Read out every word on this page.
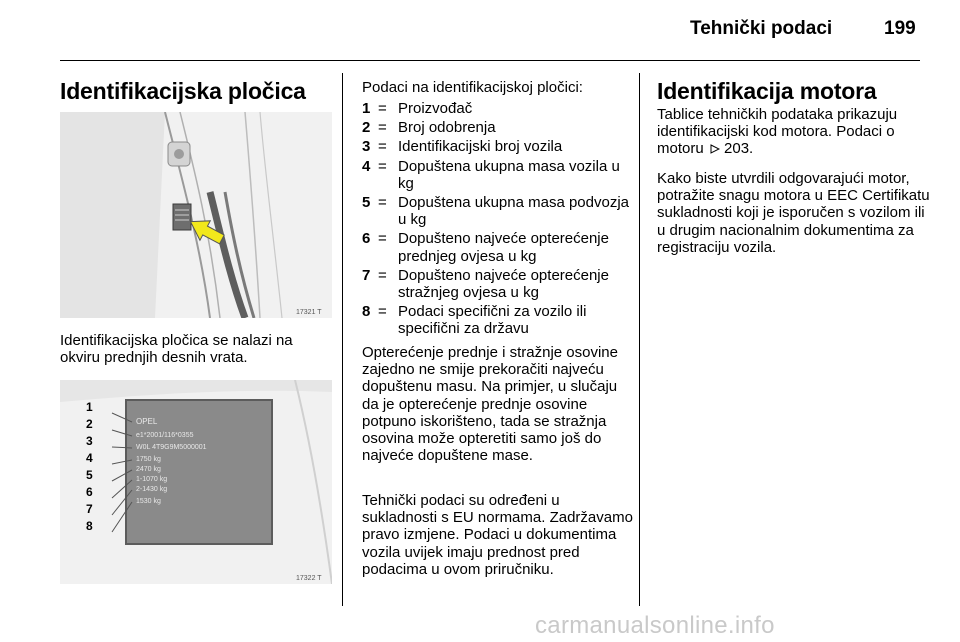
Tehnički podaci	199
Identifikacijska pločica
17321 T
Identifikacijska pločica se nalazi na okviru prednjih desnih vrata.
1
2
3
4
5
6
7
8
OPEL
e1*2001/116*0355
W0L 4T9G9M5000001
1750 kg
2470 kg
1-1070 kg
2-1430 kg
1530 kg
17322 T
Podaci na identifikacijskoj pločici:
1 = Proizvođač
2 = Broj odobrenja
3 = Identifikacijski broj vozila
4 = Dopuštena ukupna masa vozila u kg
5 = Dopuštena ukupna masa podvozja u kg
6 = Dopušteno najveće opterećenje prednjeg ovjesa u kg
7 = Dopušteno najveće opterećenje stražnjeg ovjesa u kg
8 = Podaci specifični za vozilo ili specifični za državu
Opterećenje prednje i stražnje osovine zajedno ne smije prekoračiti najveću dopuštenu masu. Na primjer, u slučaju da je opterećenje prednje osovine potpuno iskorišteno, tada se stražnja osovina može opteretiti samo još do najveće dopuštene mase.
Tehnički podaci su određeni u sukladnosti s EU normama. Zadržavamo pravo izmjene. Podaci u dokumentima vozila uvijek imaju prednost pred podacima u ovom priručniku.
Identifikacija motora
Tablice tehničkih podataka prikazuju identifikacijski kod motora. Podaci o motoru 203.
Kako biste utvrdili odgovarajući motor, potražite snagu motora u EEC Certifikatu sukladnosti koji je isporučen s vozilom ili u drugim nacionalnim dokumentima za registraciju vozila.
carmanualsonline.info
